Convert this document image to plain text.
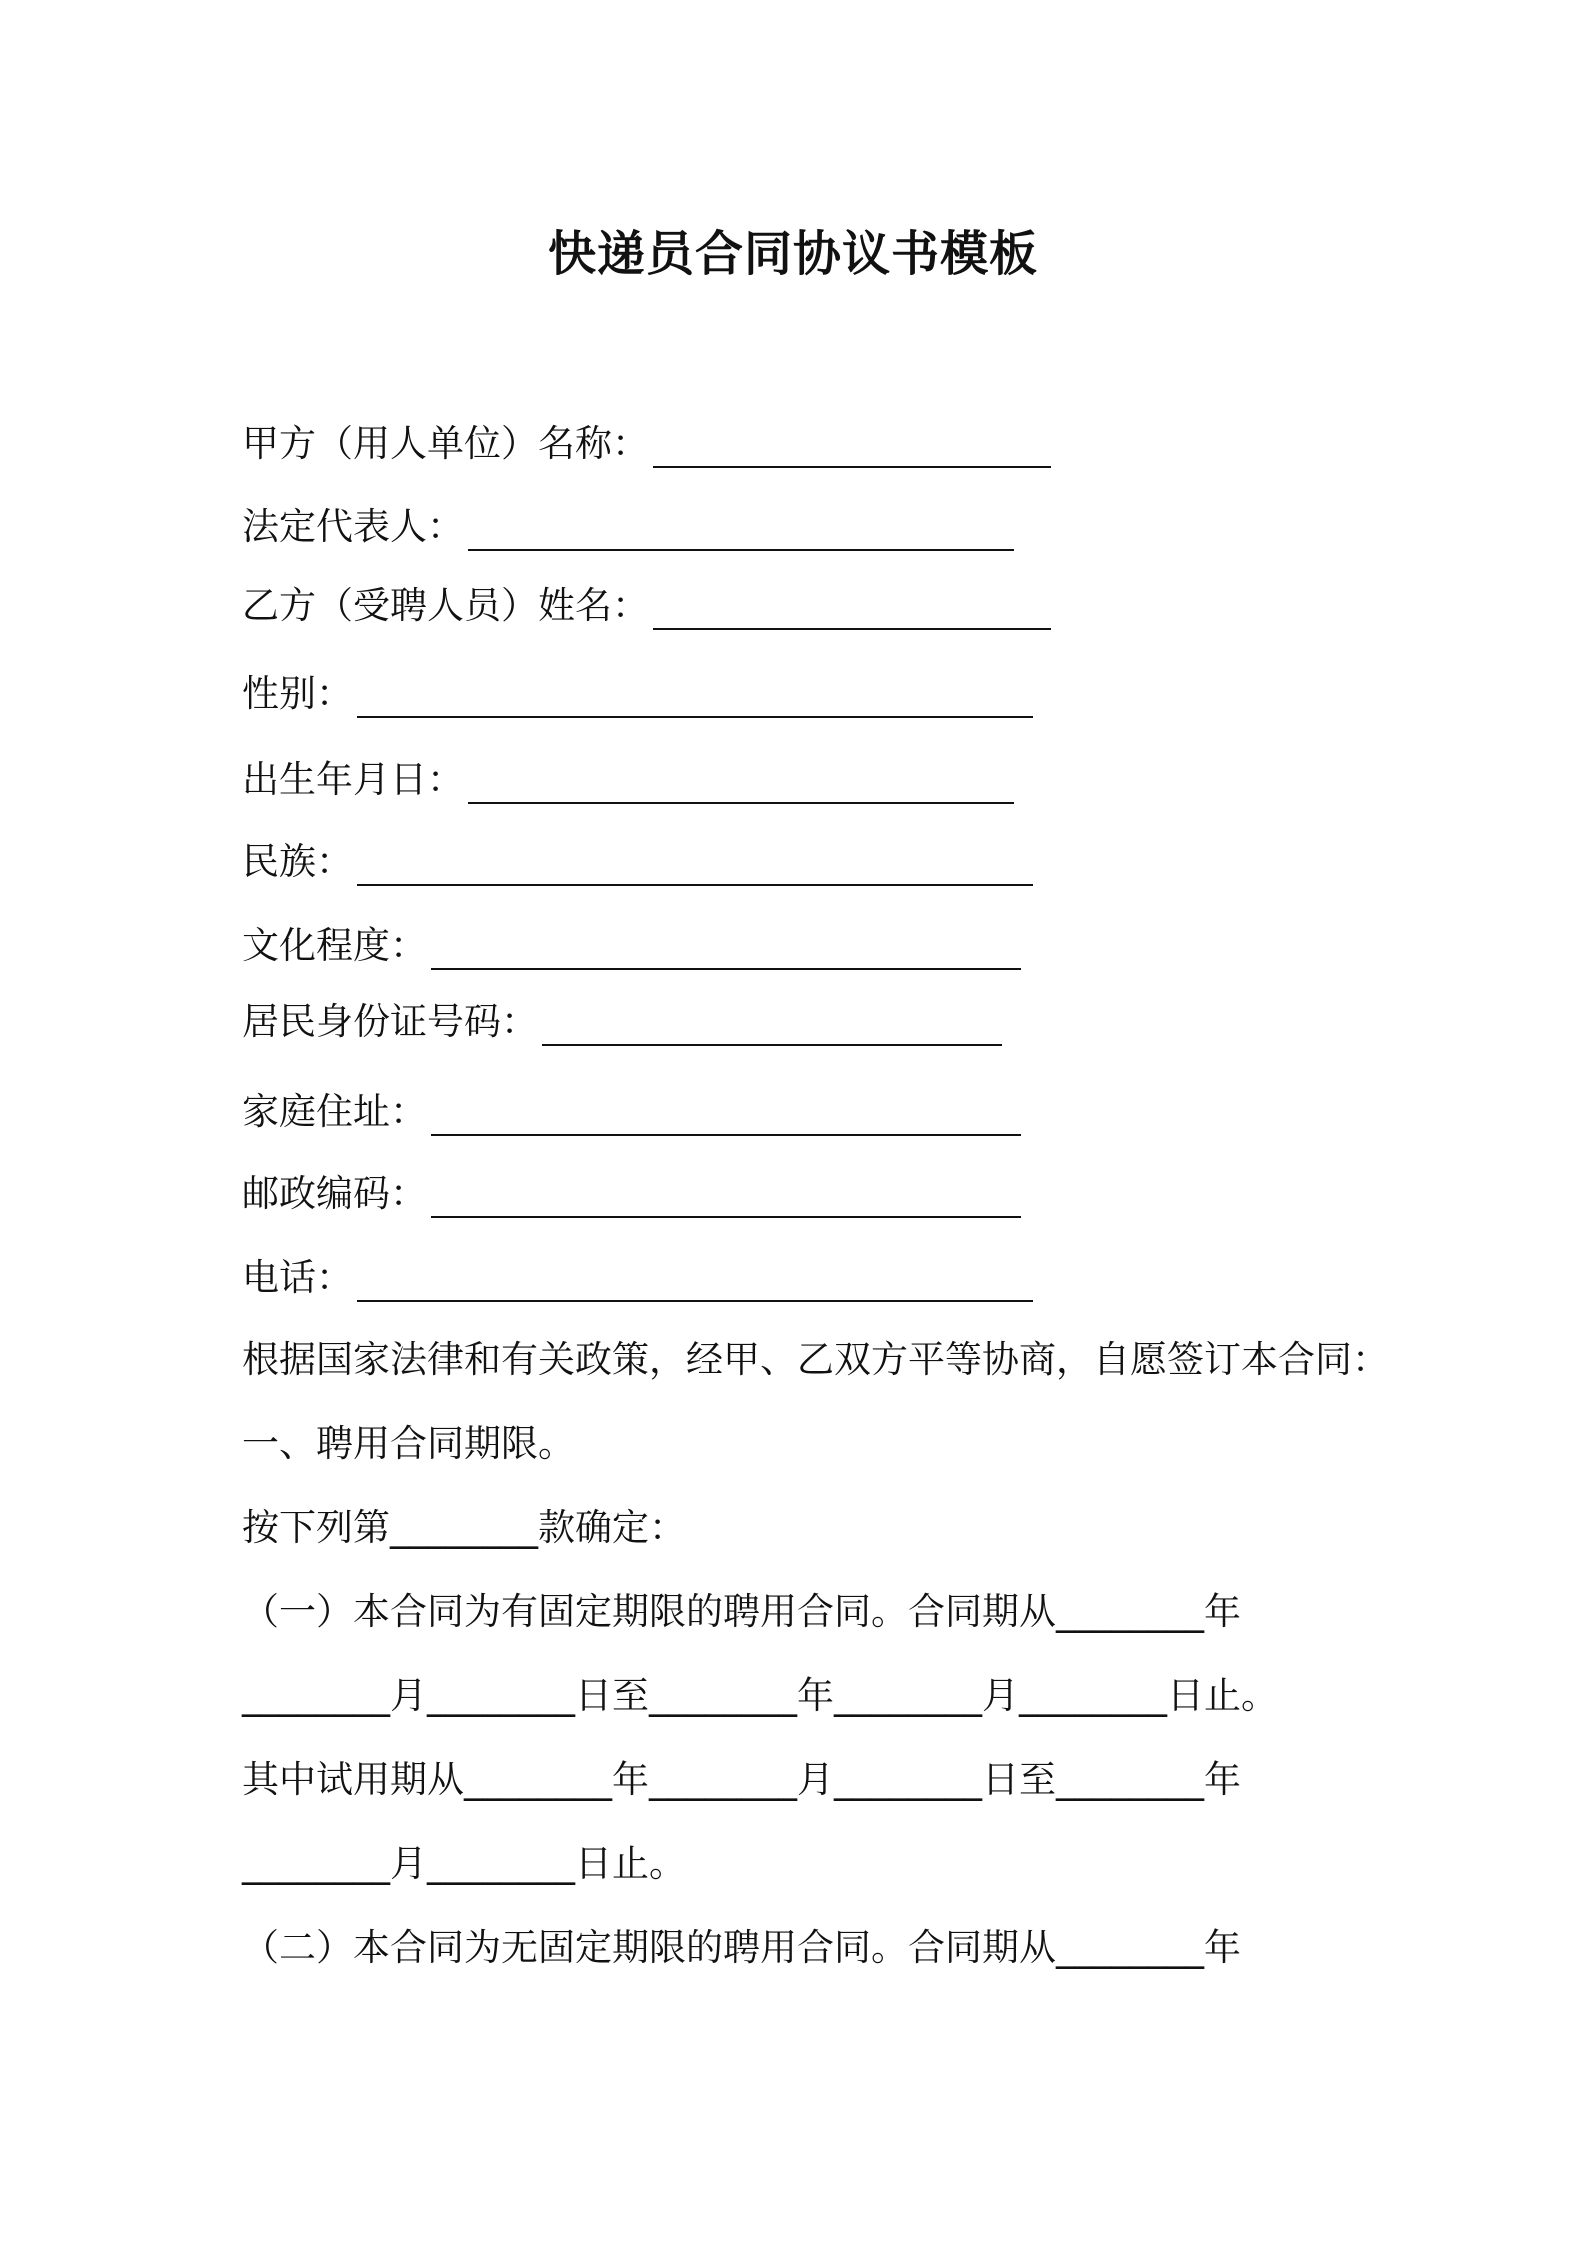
快递员合同协议书模板
甲方（用人单位）名称：
法定代表人：
乙方（受聘人员）姓名：
性别：
出生年月日：
民族：
文化程度：
居民身份证号码：
家庭住址：
邮政编码：
电话：
根据国家法律和有关政策，经甲、乙双方平等协商，自愿签订本合同：
一、聘用合同期限。
按下列第________款确定：
（一）本合同为有固定期限的聘用合同。合同期从________年
________月________日至________年________月________日止。
其中试用期从________年________月________日至________年
________月________日止。
（二）本合同为无固定期限的聘用合同。合同期从________年
